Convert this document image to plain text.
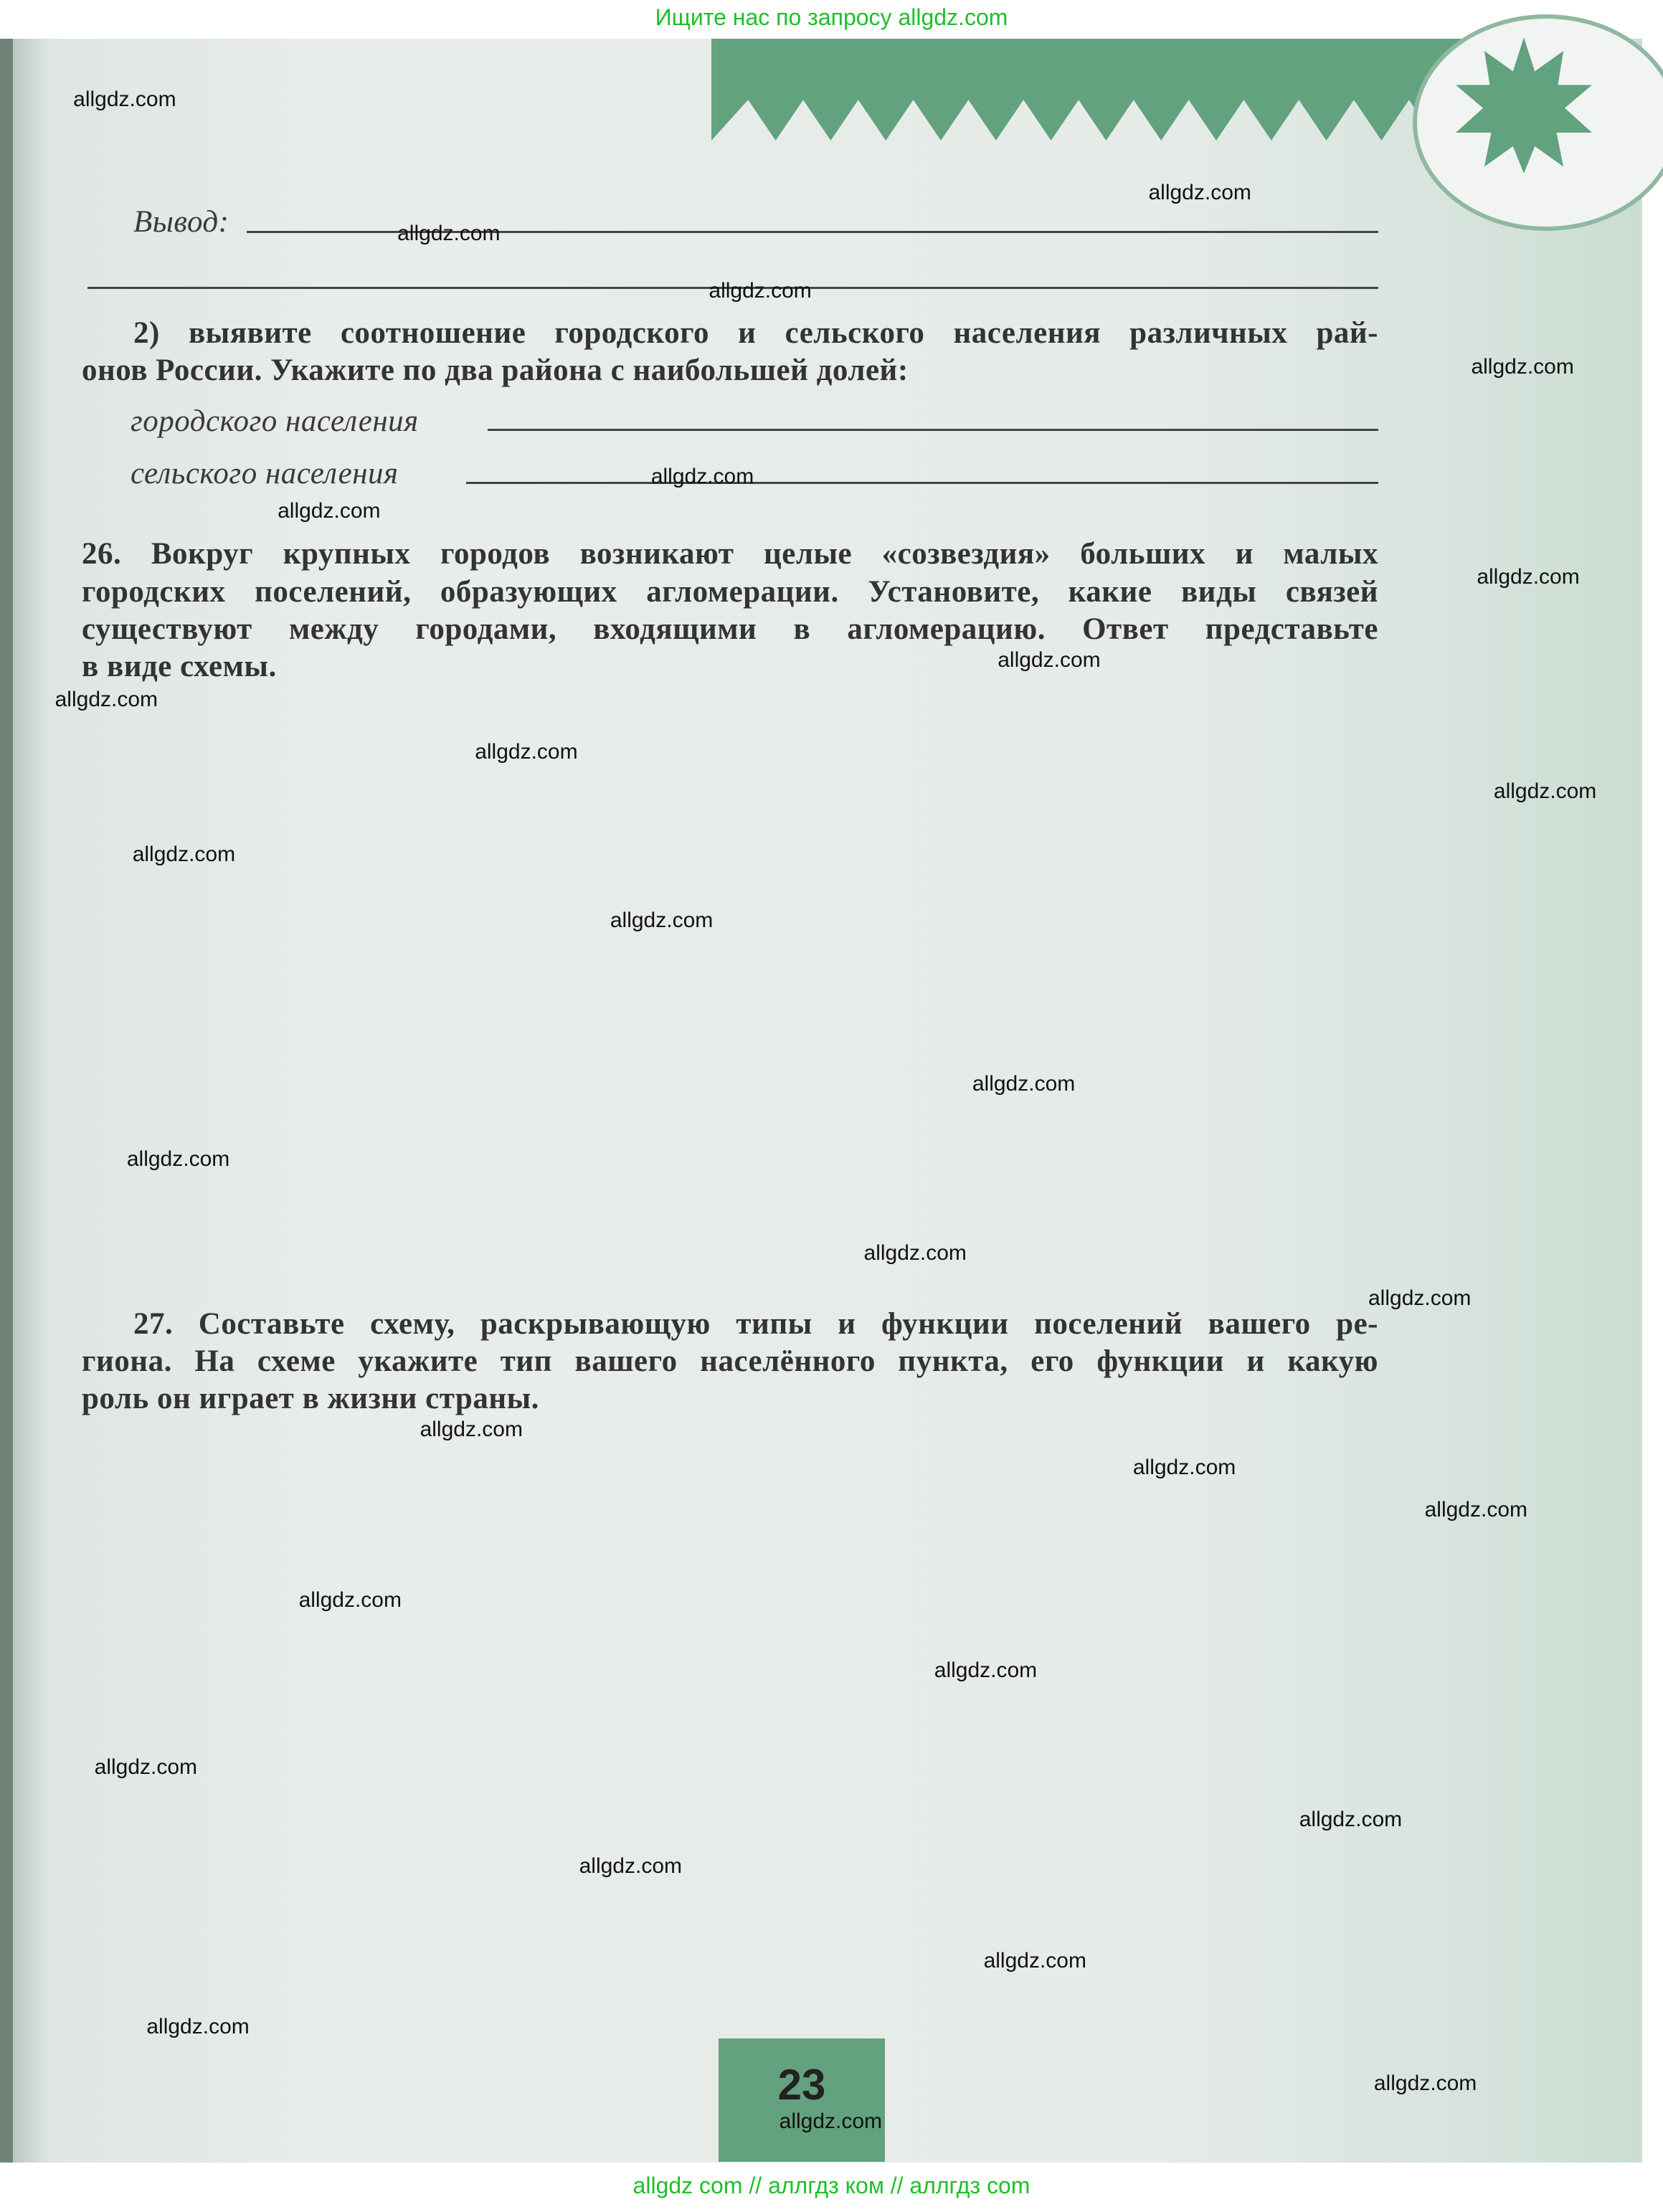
Ищите нас по запросу allgdz.com
Вывод:
2) выявите соотношение городского и сельского населения различных рай-
онов России. Укажите по два района с наибольшей долей:
городского населения
сельского населения
26. Вокруг крупных городов возникают целые «созвездия» больших и малых
городских поселений, образующих агломерации. Установите, какие виды связей
существуют между городами, входящими в агломерацию. Ответ представьте
в виде схемы.
27. Составьте схему, раскрывающую типы и функции поселений вашего ре-
гиона. На схеме укажите тип вашего населённого пункта, его функции и какую
роль он играет в жизни страны.
23
allgdz.com
allgdz.com
allgdz.com
allgdz.com
allgdz.com
allgdz.com
allgdz.com
allgdz.com
allgdz.com
allgdz.com
allgdz.com
allgdz.com
allgdz.com
allgdz.com
allgdz.com
allgdz.com
allgdz.com
allgdz.com
allgdz.com
allgdz.com
allgdz.com
allgdz.com
allgdz.com
allgdz.com
allgdz.com
allgdz.com
allgdz.com
allgdz.com
allgdz.com
allgdz.com
allgdz com // аллгдз ком // аллгдз com
